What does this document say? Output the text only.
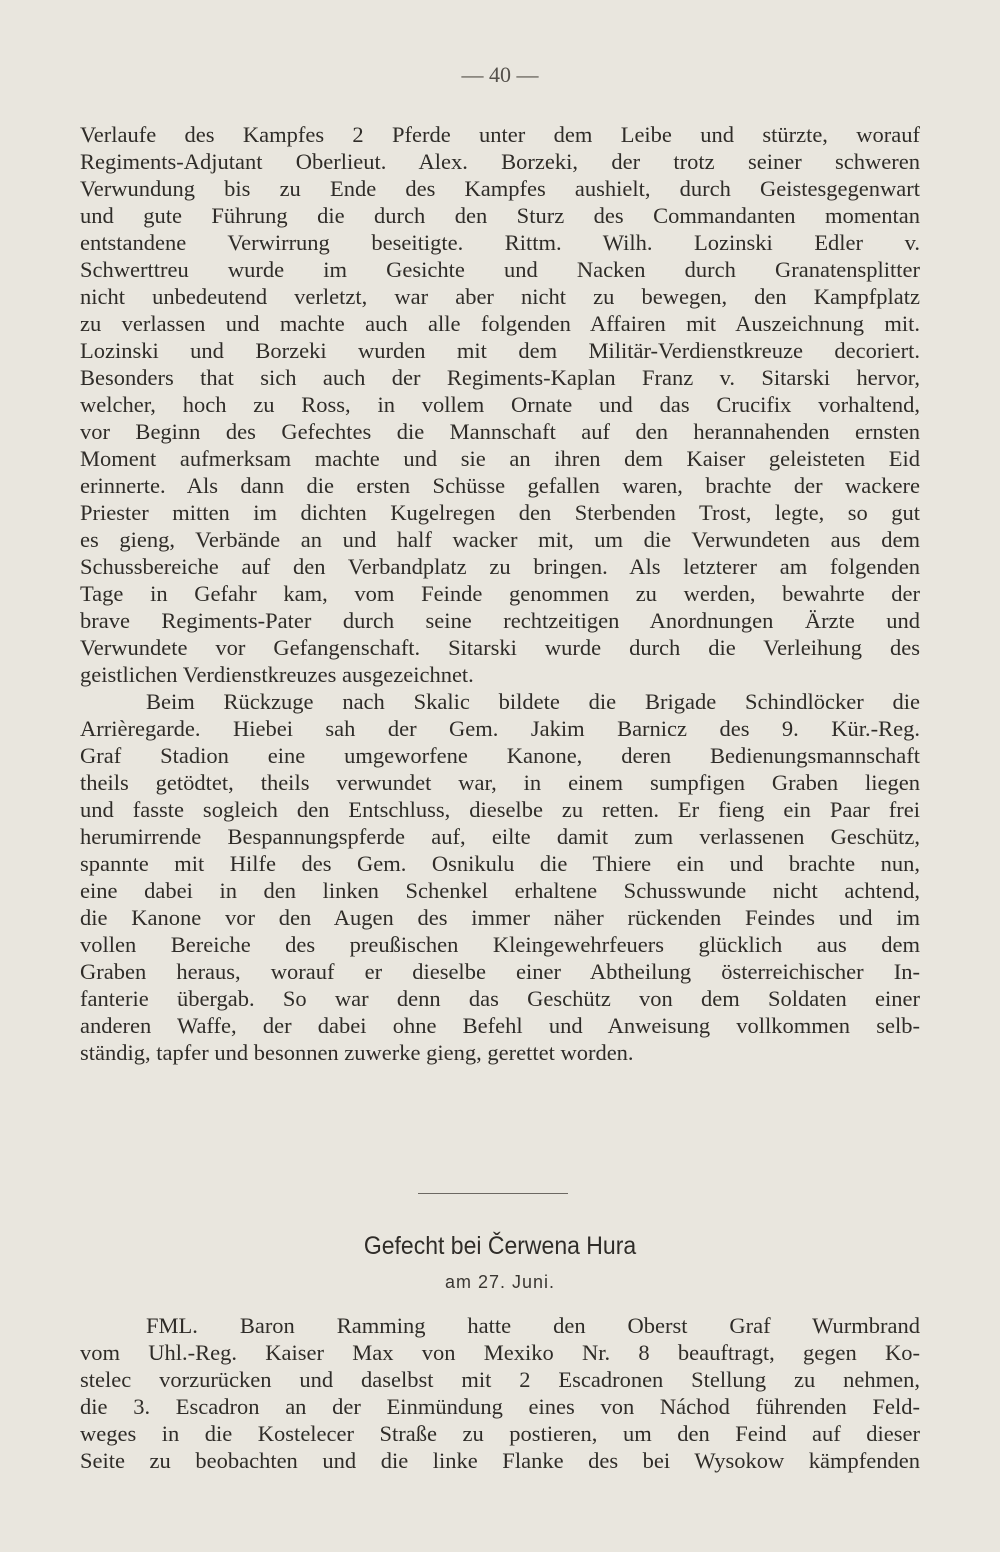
— 40 —
Verlaufe des Kampfes 2 Pferde unter dem Leibe und stürzte, worauf
Regiments-Adjutant Oberlieut. Alex. Borzeki, der trotz seiner schweren
Verwundung bis zu Ende des Kampfes aushielt, durch Geistesgegenwart
und gute Führung die durch den Sturz des Commandanten momentan
entstandene Verwirrung beseitigte. Rittm. Wilh. Lozinski Edler v.
Schwerttreu wurde im Gesichte und Nacken durch Granatensplitter
nicht unbedeutend verletzt, war aber nicht zu bewegen, den Kampfplatz
zu verlassen und machte auch alle folgenden Affairen mit Auszeichnung mit.
Lozinski und Borzeki wurden mit dem Militär-Verdienstkreuze decoriert.
Besonders that sich auch der Regiments-Kaplan Franz v. Sitarski hervor,
welcher, hoch zu Ross, in vollem Ornate und das Crucifix vorhaltend,
vor Beginn des Gefechtes die Mannschaft auf den herannahenden ernsten
Moment aufmerksam machte und sie an ihren dem Kaiser geleisteten Eid
erinnerte. Als dann die ersten Schüsse gefallen waren, brachte der wackere
Priester mitten im dichten Kugelregen den Sterbenden Trost, legte, so gut
es gieng, Verbände an und half wacker mit, um die Verwundeten aus dem
Schussbereiche auf den Verbandplatz zu bringen. Als letzterer am folgenden
Tage in Gefahr kam, vom Feinde genommen zu werden, bewahrte der
brave Regiments-Pater durch seine rechtzeitigen Anordnungen Ärzte und
Verwundete vor Gefangenschaft. Sitarski wurde durch die Verleihung des
geistlichen Verdienstkreuzes ausgezeichnet.
Beim Rückzuge nach Skalic bildete die Brigade Schindlöcker die
Arrièregarde. Hiebei sah der Gem. Jakim Barnicz des 9. Kür.-Reg.
Graf Stadion eine umgeworfene Kanone, deren Bedienungsmannschaft
theils getödtet, theils verwundet war, in einem sumpfigen Graben liegen
und fasste sogleich den Entschluss, dieselbe zu retten. Er fieng ein Paar frei
herumirrende Bespannungspferde auf, eilte damit zum verlassenen Geschütz,
spannte mit Hilfe des Gem. Osnikulu die Thiere ein und brachte nun,
eine dabei in den linken Schenkel erhaltene Schusswunde nicht achtend,
die Kanone vor den Augen des immer näher rückenden Feindes und im
vollen Bereiche des preußischen Kleingewehrfeuers glücklich aus dem
Graben heraus, worauf er dieselbe einer Abtheilung österreichischer In-
fanterie übergab. So war denn das Geschütz von dem Soldaten einer
anderen Waffe, der dabei ohne Befehl und Anweisung vollkommen selb-
ständig, tapfer und besonnen zuwerke gieng, gerettet worden.
Gefecht bei Čerwena Hura
am 27. Juni.
FML. Baron Ramming hatte den Oberst Graf Wurmbrand
vom Uhl.-Reg. Kaiser Max von Mexiko Nr. 8 beauftragt, gegen Ko-
stelec vorzurücken und daselbst mit 2 Escadronen Stellung zu nehmen,
die 3. Escadron an der Einmündung eines von Náchod führenden Feld-
weges in die Kostelecer Straße zu postieren, um den Feind auf dieser
Seite zu beobachten und die linke Flanke des bei Wysokow kämpfenden
